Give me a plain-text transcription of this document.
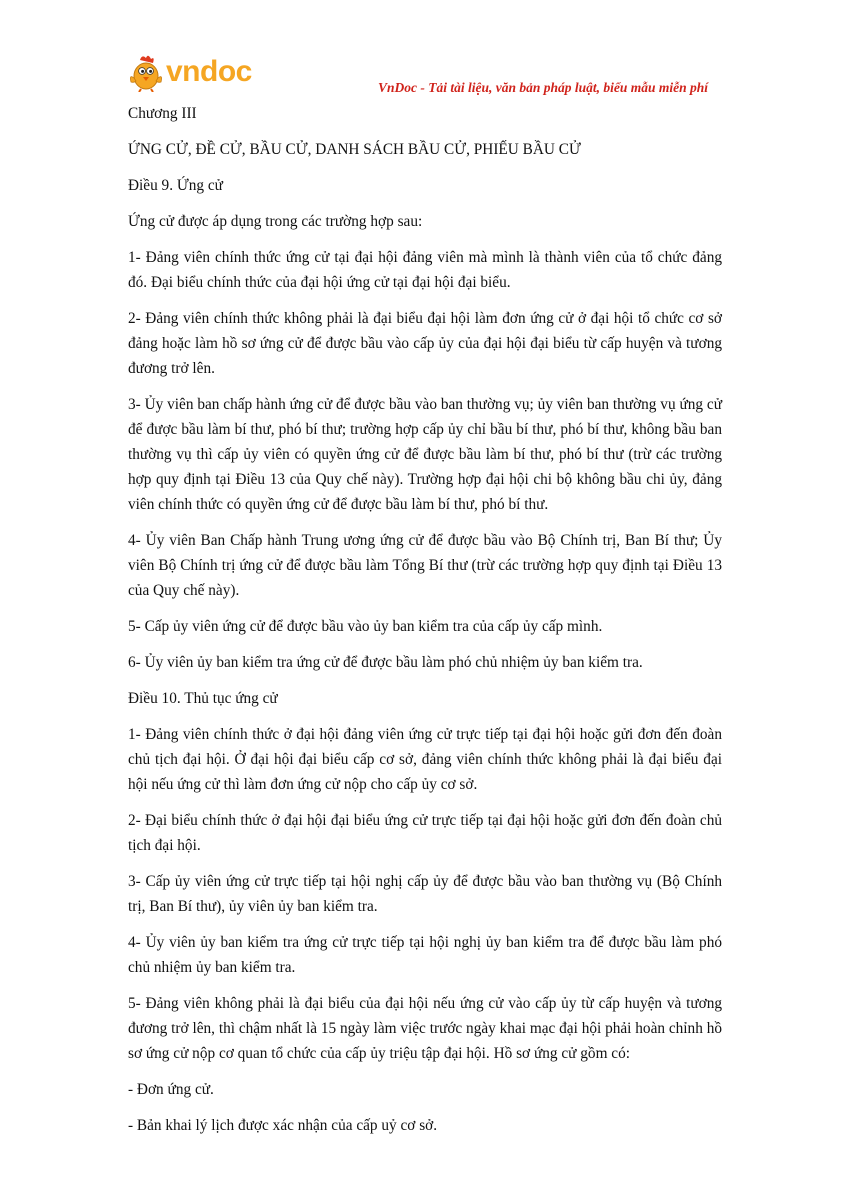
vndoc	VnDoc - Tải tài liệu, văn bản pháp luật, biểu mẫu miễn phí

Chương III

ỨNG CỬ, ĐỀ CỬ, BẦU CỬ, DANH SÁCH BẦU CỬ, PHIẾU BẦU CỬ

Điều 9. Ứng cử

Ứng cử được áp dụng trong các trường hợp sau:

1- Đảng viên chính thức ứng cử tại đại hội đảng viên mà mình là thành viên của tổ chức đảng đó. Đại biểu chính thức của đại hội ứng cử tại đại hội đại biểu.

2- Đảng viên chính thức không phải là đại biểu đại hội làm đơn ứng cử ở đại hội tổ chức cơ sở đảng hoặc làm hồ sơ ứng cử để được bầu vào cấp ủy của đại hội đại biểu từ cấp huyện và tương đương trở lên.

3- Ủy viên ban chấp hành ứng cử để được bầu vào ban thường vụ; ủy viên ban thường vụ ứng cử để được bầu làm bí thư, phó bí thư; trường hợp cấp ủy chỉ bầu bí thư, phó bí thư, không bầu ban thường vụ thì cấp ủy viên có quyền ứng cử để được bầu làm bí thư, phó bí thư (trừ các trường hợp quy định tại Điều 13 của Quy chế này). Trường hợp đại hội chi bộ không bầu chi ủy, đảng viên chính thức có quyền ứng cử để được bầu làm bí thư, phó bí thư.

4- Ủy viên Ban Chấp hành Trung ương ứng cử để được bầu vào Bộ Chính trị, Ban Bí thư; Ủy viên Bộ Chính trị ứng cử để được bầu làm Tổng Bí thư (trừ các trường hợp quy định tại Điều 13 của Quy chế này).

5- Cấp ủy viên ứng cử để được bầu vào ủy ban kiểm tra của cấp ủy cấp mình.

6- Ủy viên ủy ban kiểm tra ứng cử để được bầu làm phó chủ nhiệm ủy ban kiểm tra.

Điều 10. Thủ tục ứng cử

1- Đảng viên chính thức ở đại hội đảng viên ứng cử trực tiếp tại đại hội hoặc gửi đơn đến đoàn chủ tịch đại hội. Ở đại hội đại biểu cấp cơ sở, đảng viên chính thức không phải là đại biểu đại hội nếu ứng cử thì làm đơn ứng cử nộp cho cấp ủy cơ sở.

2- Đại biểu chính thức ở đại hội đại biểu ứng cử trực tiếp tại đại hội hoặc gửi đơn đến đoàn chủ tịch đại hội.

3- Cấp ủy viên ứng cử trực tiếp tại hội nghị cấp ủy để được bầu vào ban thường vụ (Bộ Chính trị, Ban Bí thư), ủy viên ủy ban kiểm tra.

4- Ủy viên ủy ban kiểm tra ứng cử trực tiếp tại hội nghị ủy ban kiểm tra để được bầu làm phó chủ nhiệm ủy ban kiểm tra.

5- Đảng viên không phải là đại biểu của đại hội nếu ứng cử vào cấp ủy từ cấp huyện và tương đương trở lên, thì chậm nhất là 15 ngày làm việc trước ngày khai mạc đại hội phải hoàn chỉnh hồ sơ ứng cử nộp cơ quan tổ chức của cấp ủy triệu tập đại hội. Hồ sơ ứng cử gồm có:

- Đơn ứng cử.

- Bản khai lý lịch được xác nhận của cấp uỷ cơ sở.
